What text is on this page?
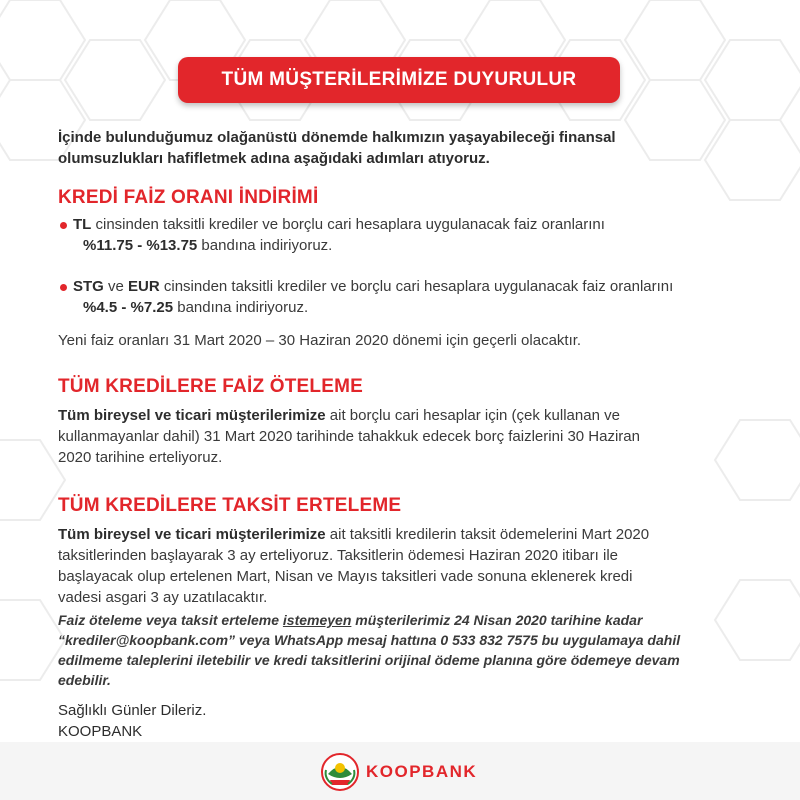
TÜM MÜŞTERİLERİMİZE DUYURULUR
İçinde bulunduğumuz olağanüstü dönemde halkımızın yaşayabileceği finansal
olumsuzlukları hafifletmek adına aşağıdaki adımları atıyoruz.
KREDİ FAİZ ORANI İNDİRİMİ
TL cinsinden taksitli krediler ve borçlu cari hesaplara uygulanacak faiz oranlarını
%11.75 - %13.75 bandına indiriyoruz.
STG ve EUR cinsinden taksitli krediler ve borçlu cari hesaplara uygulanacak faiz oranlarını
%4.5 - %7.25 bandına indiriyoruz.
Yeni faiz oranları 31 Mart 2020 – 30 Haziran 2020 dönemi için geçerli olacaktır.
TÜM KREDİLERE FAİZ ÖTELEME
Tüm bireysel ve ticari müşterilerimize ait borçlu cari hesaplar için (çek kullanan ve
kullanmayanlar dahil) 31 Mart 2020 tarihinde tahakkuk edecek borç faizlerini 30 Haziran
2020 tarihine erteliyoruz.
TÜM KREDİLERE TAKSİT ERTELEME
Tüm bireysel ve ticari müşterilerimize ait taksitli kredilerin taksit ödemelerini Mart 2020
taksitlerinden başlayarak 3 ay erteliyoruz. Taksitlerin ödemesi Haziran 2020 itibarı ile
başlayacak olup ertelenen Mart, Nisan ve Mayıs taksitleri vade sonuna eklenerek kredi
vadesi asgari 3 ay uzatılacaktır.
Faiz öteleme veya taksit erteleme istemeyen müşterilerimiz 24 Nisan 2020 tarihine kadar
“krediler@koopbank.com” veya WhatsApp mesaj hattına 0 533 832 7575 bu uygulamaya dahil
edilmeme taleplerini iletebilir ve kredi taksitlerini orijinal ödeme planına göre ödemeye devam
edebilir.
Sağlıklı Günler Dileriz.
KOOPBANK
KOOPBANK
